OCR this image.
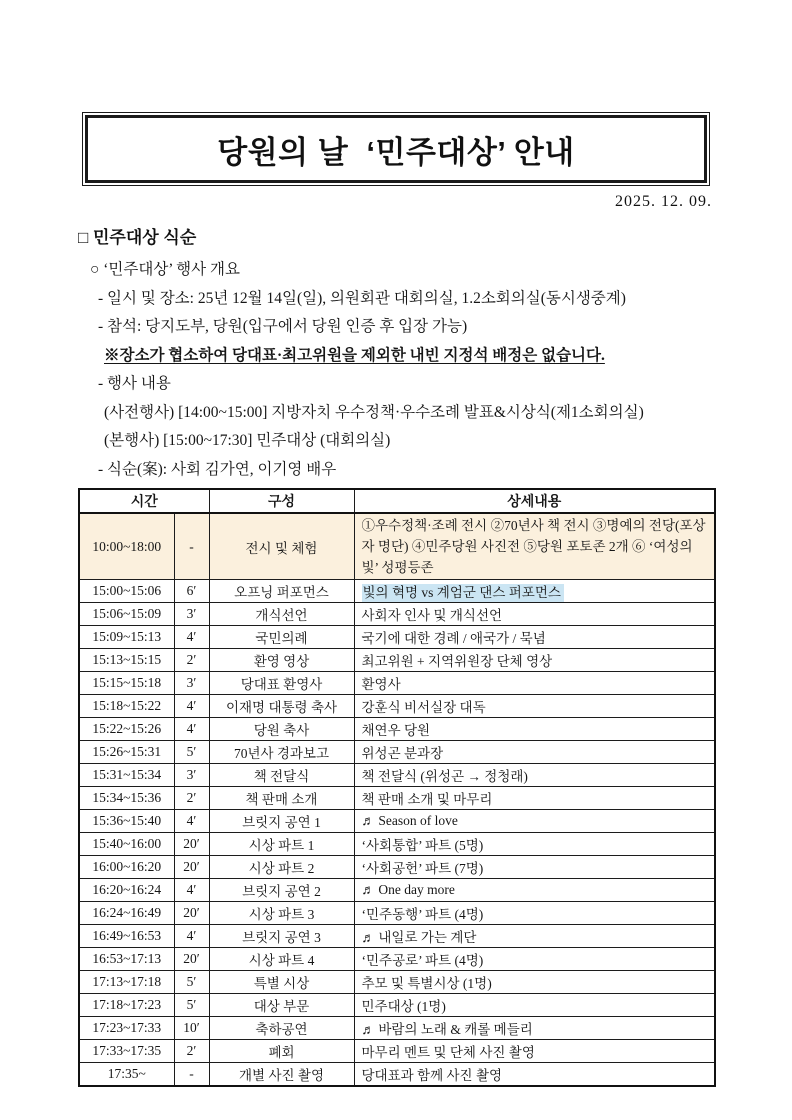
당원의 날  ‘민주대상’ 안내
2025. 12. 09.
□ 민주대상 식순
○ ‘민주대상’ 행사 개요
- 일시 및 장소: 25년 12월 14일(일), 의원회관 대회의실, 1.2소회의실(동시생중계)
- 참석: 당지도부, 당원(입구에서 당원 인증 후 입장 가능)
※장소가 협소하여 당대표·최고위원을 제외한 내빈 지정석 배정은 없습니다.
- 행사 내용
(사전행사) [14:00~15:00] 지방자치 우수정책·우수조례 발표&시상식(제1소회의실)
(본행사) [15:00~17:30] 민주대상 (대회의실)
- 식순(案): 사회 김가연, 이기영 배우
시간		구성	상세내용
10:00~18:00	-	전시 및 체험	①우수정책·조례 전시 ②70년사 책 전시 ③명예의 전당(포상자 명단) ④민주당원 사진전 ⑤당원 포토존 2개 ⑥ ‘여성의 빛’ 성평등존
15:00~15:06	6′	오프닝 퍼포먼스	빛의 혁명 vs 계엄군 댄스 퍼포먼스
15:06~15:09	3′	개식선언	사회자 인사 및 개식선언
15:09~15:13	4′	국민의례	국기에 대한 경례 / 애국가 / 묵념
15:13~15:15	2′	환영 영상	최고위원 + 지역위원장 단체 영상
15:15~15:18	3′	당대표 환영사	환영사
15:18~15:22	4′	이재명 대통령 축사	강훈식 비서실장 대독
15:22~15:26	4′	당원 축사	채연우 당원
15:26~15:31	5′	70년사 경과보고	위성곤 분과장
15:31~15:34	3′	책 전달식	책 전달식 (위성곤 → 정청래)
15:34~15:36	2′	책 판매 소개	책 판매 소개 및 마무리
15:36~15:40	4′	브릿지 공연 1	♬ Season of love
15:40~16:00	20′	시상 파트 1	‘사회통합’ 파트 (5명)
16:00~16:20	20′	시상 파트 2	‘사회공헌’ 파트 (7명)
16:20~16:24	4′	브릿지 공연 2	♬ One day more
16:24~16:49	20′	시상 파트 3	‘민주동행’ 파트 (4명)
16:49~16:53	4′	브릿지 공연 3	♬ 내일로 가는 계단
16:53~17:13	20′	시상 파트 4	‘민주공로’ 파트 (4명)
17:13~17:18	5′	특별 시상	추모 및 특별시상 (1명)
17:18~17:23	5′	대상 부문	민주대상 (1명)
17:23~17:33	10′	축하공연	♬ 바람의 노래 & 캐롤 메들리
17:33~17:35	2′	폐회	마무리 멘트 및 단체 사진 촬영
17:35~	-	개별 사진 촬영	당대표과 함께 사진 촬영
